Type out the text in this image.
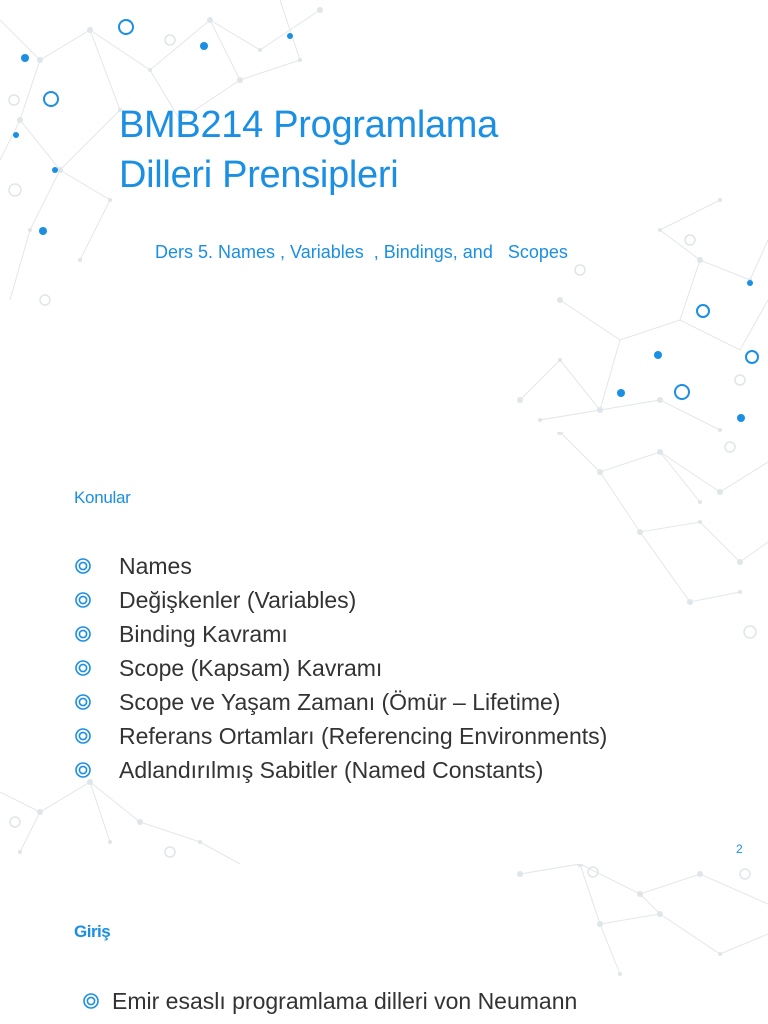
BMB214 Programlama
Dilleri Prensipleri
Ders 5. Names , Variables  , Bindings, and   Scopes
Konular
Names
Değişkenler (Variables)
Binding Kavramı
Scope (Kapsam) Kavramı
Scope ve Yaşam Zamanı (Ömür – Lifetime)
Referans Ortamları (Referencing Environments)
Adlandırılmış Sabitler (Named Constants)
2
Giriş
Emir esaslı programlama dilleri von Neumann
